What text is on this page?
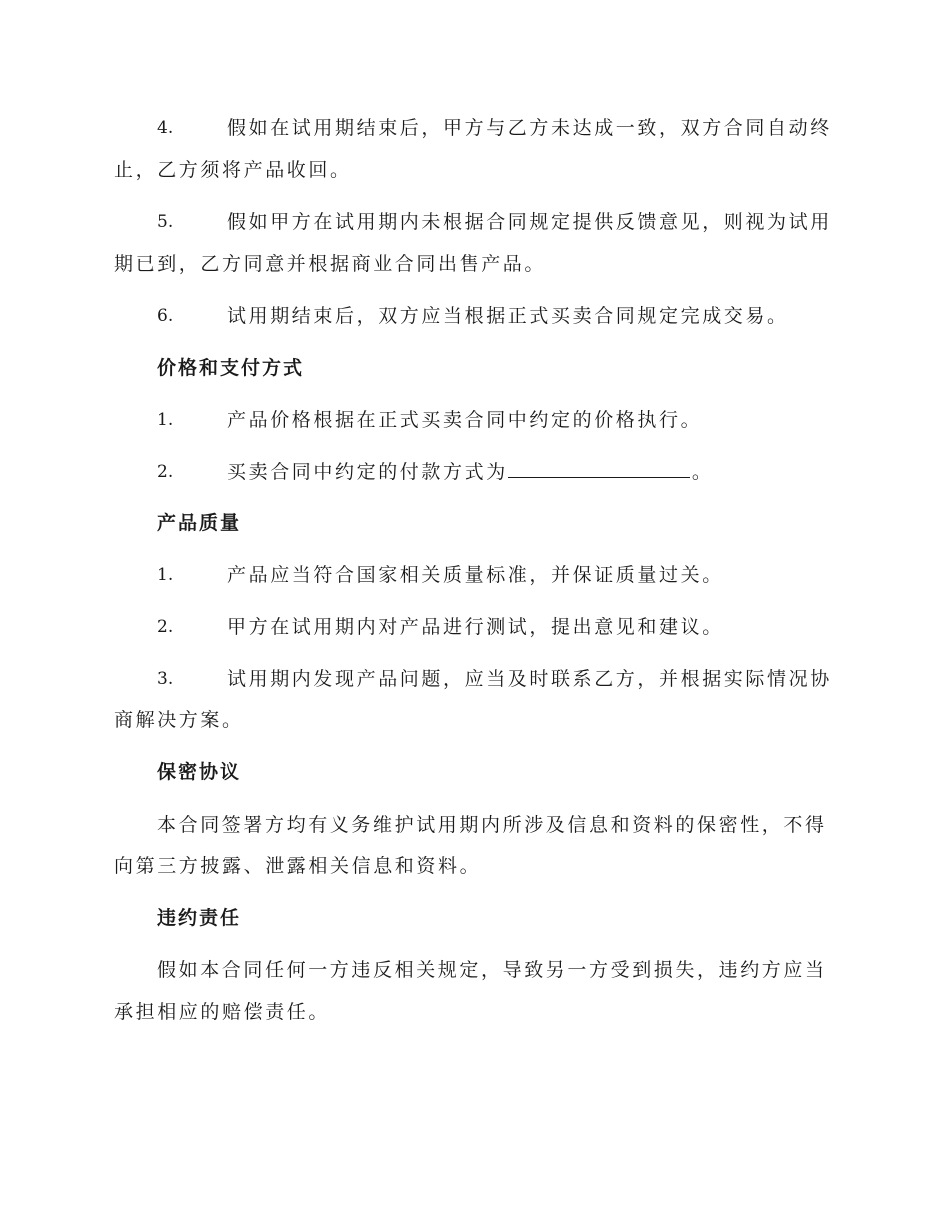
4.	假如在试用期结束后，甲方与乙方未达成一致，双方合同自动终
止，乙方须将产品收回。
5.	假如甲方在试用期内未根据合同规定提供反馈意见，则视为试用
期已到，乙方同意并根据商业合同出售产品。
6.	试用期结束后，双方应当根据正式买卖合同规定完成交易。
价格和支付方式
1.	产品价格根据在正式买卖合同中约定的价格执行。
2.	买卖合同中约定的付款方式为	。
产品质量
1.	产品应当符合国家相关质量标准，并保证质量过关。
2.	甲方在试用期内对产品进行测试，提出意见和建议。
3.	试用期内发现产品问题，应当及时联系乙方，并根据实际情况协
商解决方案。
保密协议
本合同签署方均有义务维护试用期内所涉及信息和资料的保密性，不得
向第三方披露、泄露相关信息和资料。
违约责任
假如本合同任何一方违反相关规定，导致另一方受到损失，违约方应当
承担相应的赔偿责任。
